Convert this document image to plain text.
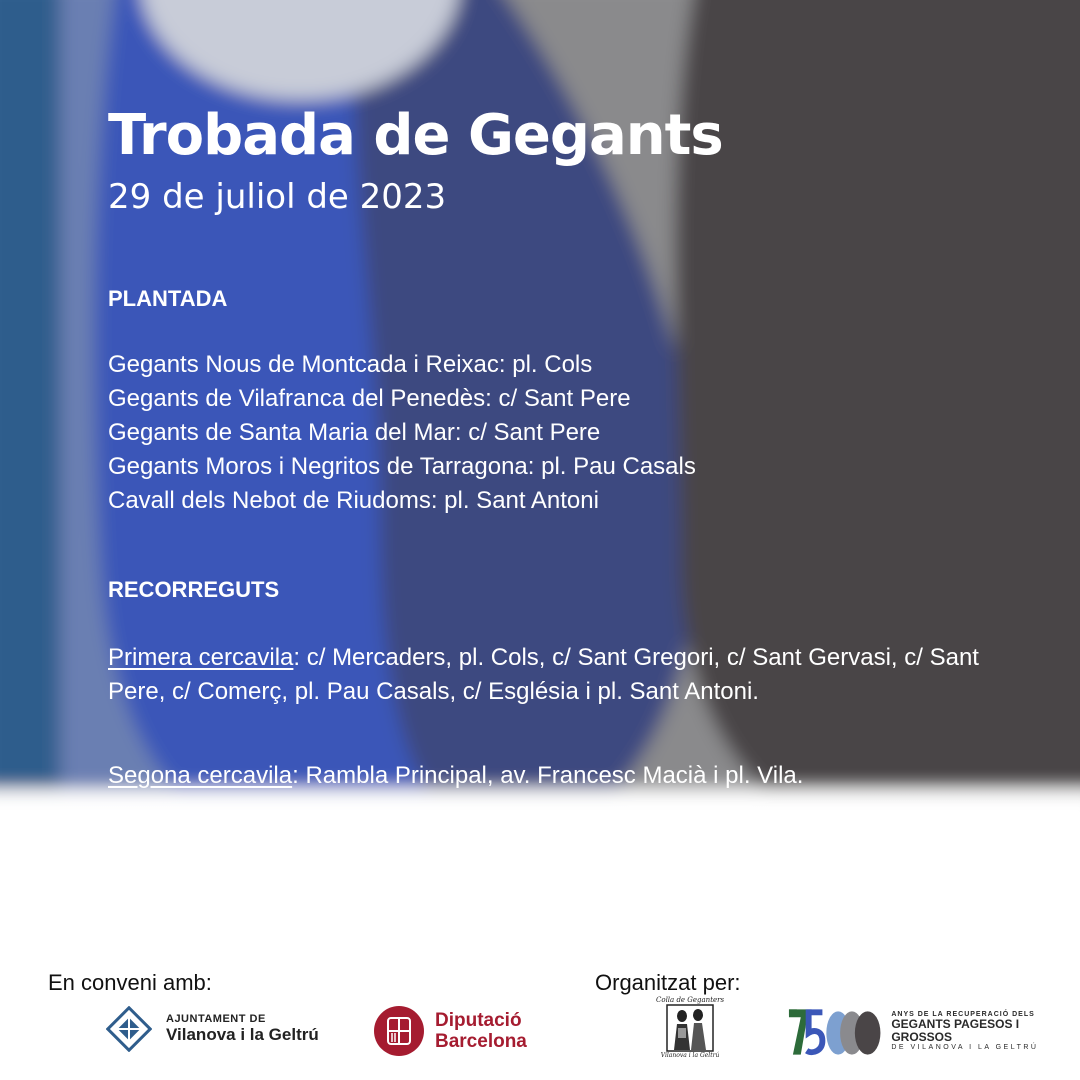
Trobada de Gegants
29 de juliol de 2023
PLANTADA
Gegants Nous de Montcada i Reixac: pl. Cols
Gegants de Vilafranca del Penedès: c/ Sant Pere
Gegants de Santa Maria del Mar: c/ Sant Pere
Gegants Moros i Negritos de Tarragona: pl. Pau Casals
Cavall dels Nebot de Riudoms: pl. Sant Antoni
RECORREGUTS
Primera cercavila: c/ Mercaders, pl. Cols, c/ Sant Gregori, c/ Sant Gervasi, c/ Sant Pere, c/ Comerç, pl. Pau Casals, c/ Església i pl. Sant Antoni.
Segona cercavila: Rambla Principal, av. Francesc Macià i pl. Vila.
En conveni amb:	Organitzat per:
AJUNTAMENT DE
Vilanova i la Geltrú
Diputació
Barcelona
Colla de Geganters
Vilanova i la Geltrú
ANYS DE LA RECUPERACIÓ DELS
GEGANTS PAGESOS I GROSSOS
DE VILANOVA I LA GELTRÚ
